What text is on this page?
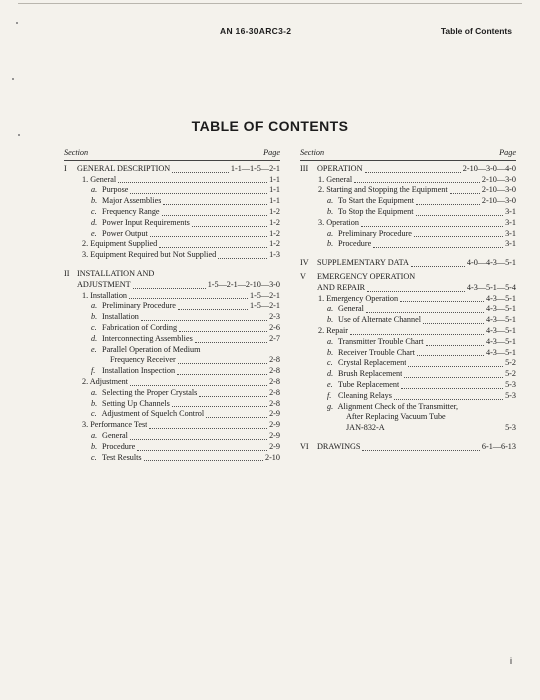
AN 16-30ARC3-2	Table of Contents
TABLE OF CONTENTS
Section	Page
I GENERAL DESCRIPTION	1-1—1-5—2-1
1. General	1-1
a. Purpose	1-1
b. Major Assemblies	1-1
c. Frequency Range	1-2
d. Power Input Requirements	1-2
e. Power Output	1-2
2. Equipment Supplied	1-2
3. Equipment Required but Not Supplied	1-3
II INSTALLATION AND
ADJUSTMENT	1-5—2-1—2-10—3-0
1. Installation	1-5—2-1
a. Preliminary Procedure	1-5—2-1
b. Installation	2-3
c. Fabrication of Cording	2-6
d. Interconnecting Assemblies	2-7
e. Parallel Operation of Medium
Frequency Receiver	2-8
f. Installation Inspection	2-8
2. Adjustment	2-8
a. Selecting the Proper Crystals	2-8
b. Setting Up Channels	2-8
c. Adjustment of Squelch Control	2-9
3. Performance Test	2-9
a. General	2-9
b. Procedure	2-9
c. Test Results	2-10
Section	Page
III OPERATION	2-10—3-0—4-0
1. General	2-10—3-0
2. Starting and Stopping the Equipment	2-10—3-0
a. To Start the Equipment	2-10—3-0
b. To Stop the Equipment	3-1
3. Operation	3-1
a. Preliminary Procedure	3-1
b. Procedure	3-1
IV SUPPLEMENTARY DATA	4-0—4-3—5-1
V EMERGENCY OPERATION
AND REPAIR	4-3—5-1—5-4
1. Emergency Operation	4-3—5-1
a. General	4-3—5-1
b. Use of Alternate Channel	4-3—5-1
2. Repair	4-3—5-1
a. Transmitter Trouble Chart	4-3—5-1
b. Receiver Trouble Chart	4-3—5-1
c. Crystal Replacement	5-2
d. Brush Replacement	5-2
e. Tube Replacement	5-3
f. Cleaning Relays	5-3
g. Alignment Check of the Transmitter,
After Replacing Vacuum Tube
JAN-832-A	5-3
VI DRAWINGS	6-1—6-13
i
